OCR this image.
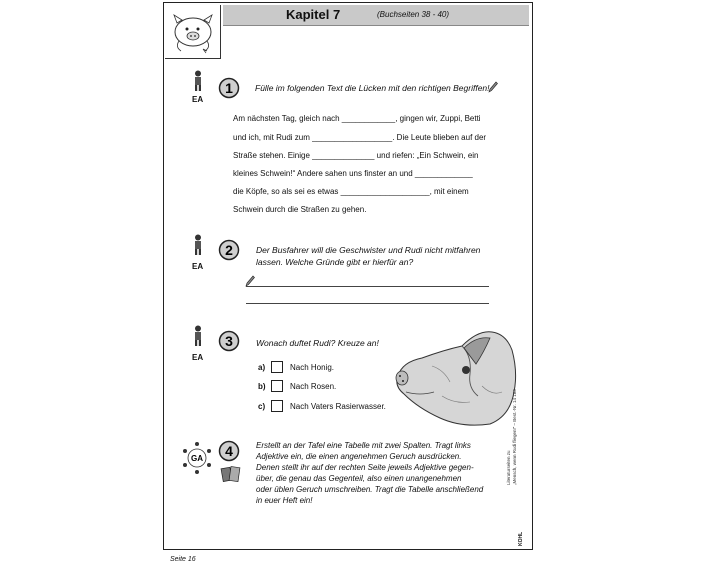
Kapitel 7	(Buchseiten 38 - 40)
EA
1	Fülle im folgenden Text die Lücken mit den richtigen Begriffen!
Am nächsten Tag, gleich nach ____________, gingen wir, Zuppi, Betti
und ich, mit Rudi zum __________________. Die Leute blieben auf der
Straße stehen. Einige ______________ und riefen: „Ein Schwein, ein
kleines Schwein!“ Andere sahen uns finster an und _____________
die Köpfe, so als sei es etwas ____________________, mit einem
Schwein durch die Straßen zu gehen.
EA
2	Der Busfahrer will die Geschwister und Rudi nicht mitfahren
lassen. Welche Gründe gibt er hierfür an?
EA
3	Wonach duftet Rudi? Kreuze an!
a)	Nach Honig.
b)	Nach Rosen.
c)	Nach Vaters Rasierwasser.
GA 4	Erstellt an der Tafel eine Tabelle mit zwei Spalten. Tragt links
Adjektive ein, die einen angenehmen Geruch ausdrücken.
Denen stellt ihr auf der rechten Seite jeweils Adjektive gegen-
über, die genau das Gegenteil, also einen unangenehmen
oder üblen Geruch umschreiben. Tragt die Tabelle anschließend
in euer Heft ein!
Literaturseiten zu „Mensch, wenn Rudi fliegen!“ – Best.-Nr. 14 183
KOHL
Seite 16
